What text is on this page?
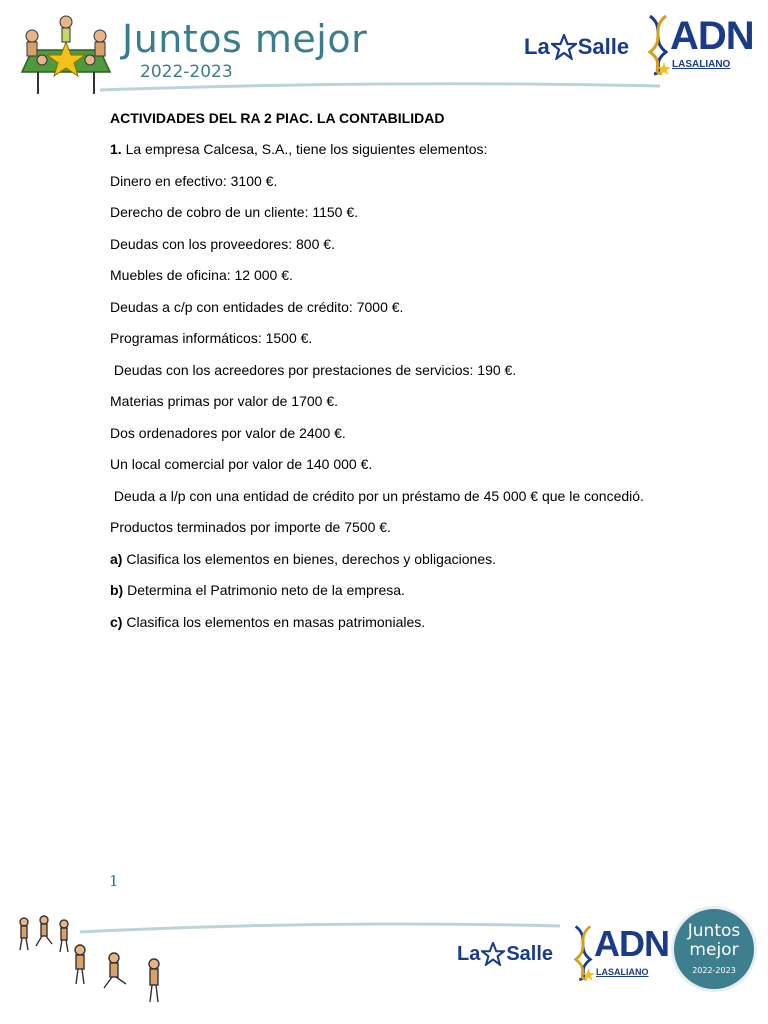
Juntos mejor
2022-2023
La Salle ADN
LASALIANO

ACTIVIDADES DEL RA 2 PIAC. LA CONTABILIDAD

1. La empresa Calcesa, S.A., tiene los siguientes elementos:

Dinero en efectivo: 3100 €.

Derecho de cobro de un cliente: 1150 €.

Deudas con los proveedores: 800 €.

Muebles de oficina: 12 000 €.

Deudas a c/p con entidades de crédito: 7000 €.

Programas informáticos: 1500 €.

Deudas con los acreedores por prestaciones de servicios: 190 €.

Materias primas por valor de 1700 €.

Dos ordenadores por valor de 2400 €.

Un local comercial por valor de 140 000 €.

Deuda a l/p con una entidad de crédito por un préstamo de 45 000 € que le concedió.

Productos terminados por importe de 7500 €.

a) Clasifica los elementos en bienes, derechos y obligaciones.

b) Determina el Patrimonio neto de la empresa.

c) Clasifica los elementos en masas patrimoniales.

1
La Salle ADN
LASALIANO
Juntos
mejor
2022-2023
